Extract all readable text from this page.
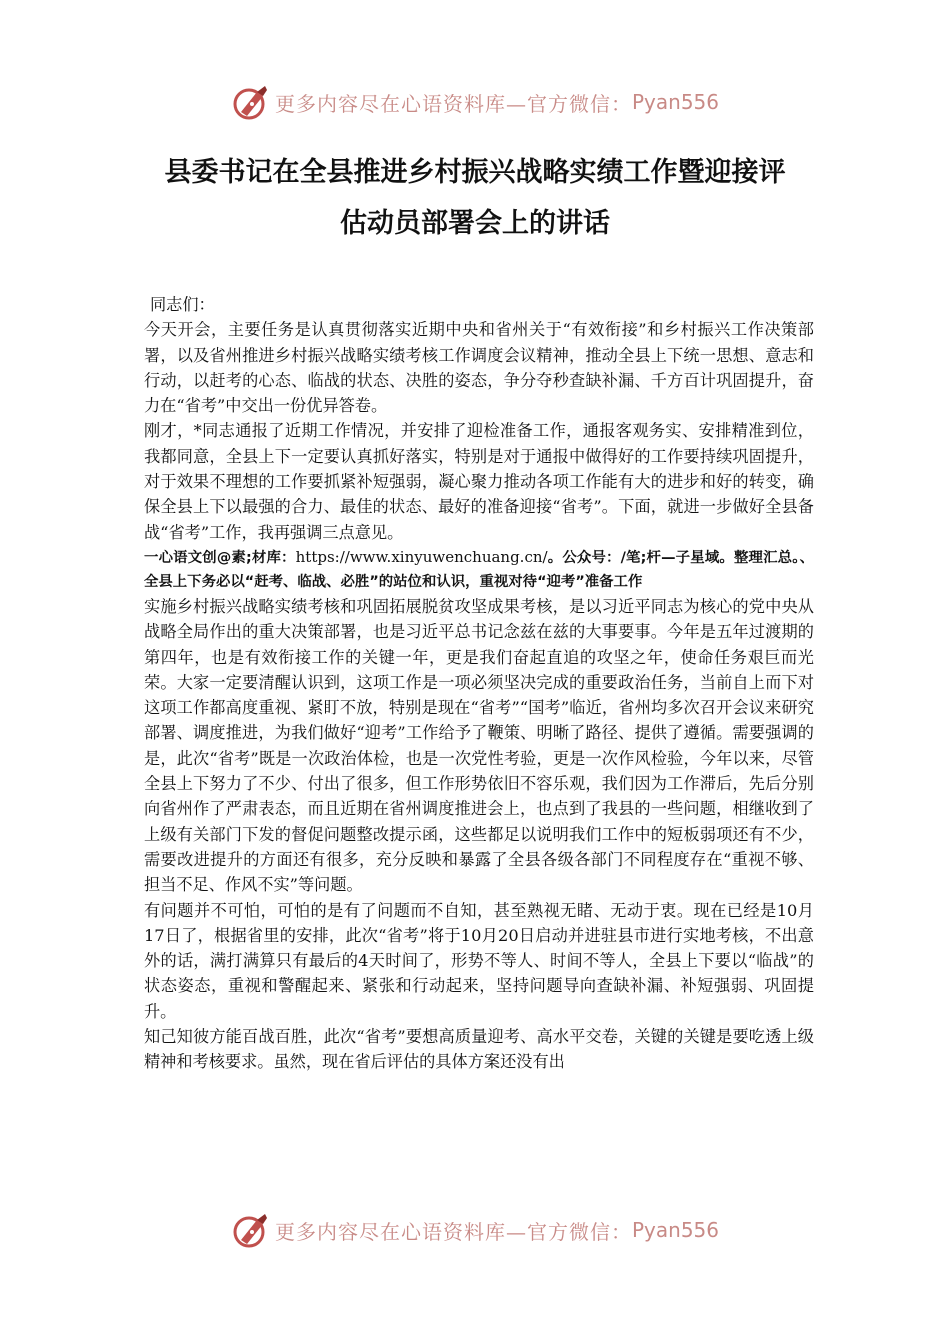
更多内容尽在心语资料库—官方微信： Pyan556
县委书记在全县推进乡村振兴战略实绩工作暨迎接评
估动员部署会上的讲话

同志们：

今天开会，主要任务是认真贯彻落实近期中央和省州关于“有效衔接”和乡村振兴工作决策部署，以及省州推进乡村振兴战略实绩考核工作调度会议精神，推动全县上下统一思想、意志和行动，以赶考的心态、临战的状态、决胜的姿态，争分夺秒查缺补漏、千方百计巩固提升，奋力在“省考”中交出一份优异答卷。

刚才，*同志通报了近期工作情况，并安排了迎检准备工作，通报客观务实、安排精准到位，我都同意，全县上下一定要认真抓好落实，特别是对于通报中做得好的工作要持续巩固提升，对于效果不理想的工作要抓紧补短强弱，凝心聚力推动各项工作能有大的进步和好的转变，确保全县上下以最强的合力、最佳的状态、最好的准备迎接“省考”。下面，就进一步做好全县备战“省考”工作，我再强调三点意见。

一心语文创@素;材库：https://www.xinyuwenchuang.cn/。公众号：/笔;杆—子星域。整理汇总。、全县上下务必以“赶考、临战、必胜”的站位和认识，重视对待“迎考”准备工作

实施乡村振兴战略实绩考核和巩固拓展脱贫攻坚成果考核，是以习近平同志为核心的党中央从战略全局作出的重大决策部署，也是习近平总书记念兹在兹的大事要事。今年是五年过渡期的第四年，也是有效衔接工作的关键一年，更是我们奋起直追的攻坚之年，使命任务艰巨而光荣。大家一定要清醒认识到，这项工作是一项必须坚决完成的重要政治任务，当前自上而下对这项工作都高度重视、紧盯不放，特别是现在“省考”“国考”临近，省州均多次召开会议来研究部署、调度推进，为我们做好“迎考”工作给予了鞭策、明晰了路径、提供了遵循。需要强调的是，此次“省考”既是一次政治体检，也是一次党性考验，更是一次作风检验，今年以来，尽管全县上下努力了不少、付出了很多，但工作形势依旧不容乐观，我们因为工作滞后，先后分别向省州作了严肃表态，而且近期在省州调度推进会上，也点到了我县的一些问题，相继收到了上级有关部门下发的督促问题整改提示函，这些都足以说明我们工作中的短板弱项还有不少，需要改进提升的方面还有很多，充分反映和暴露了全县各级各部门不同程度存在“重视不够、担当不足、作风不实”等问题。

有问题并不可怕，可怕的是有了问题而不自知，甚至熟视无睹、无动于衷。现在已经是10月17日了，根据省里的安排，此次“省考”将于10月20日启动并进驻县市进行实地考核，不出意外的话，满打满算只有最后的4天时间了，形势不等人、时间不等人，全县上下要以“临战”的状态姿态，重视和警醒起来、紧张和行动起来，坚持问题导向查缺补漏、补短强弱、巩固提升。

知己知彼方能百战百胜，此次“省考”要想高质量迎考、高水平交卷，关键的关键是要吃透上级精神和考核要求。虽然，现在省后评估的具体方案还没有出

更多内容尽在心语资料库—官方微信： Pyan556
